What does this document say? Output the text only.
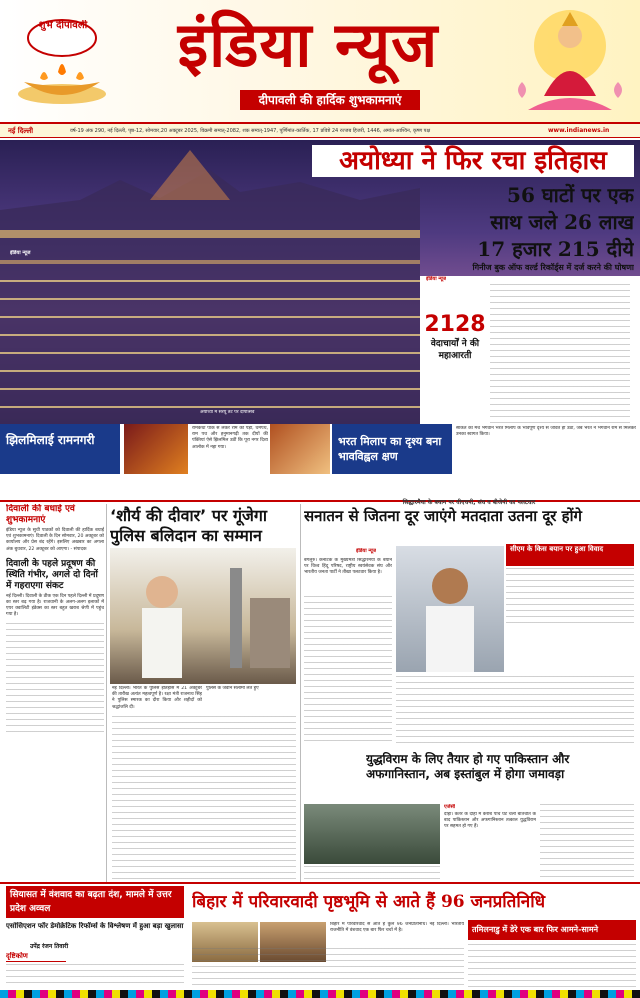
शुभ दीपावली	इंडिया न्यूज
दीपावली की हार्दिक शुभकामनाएं
नई दिल्ली	वर्ष-19 अंक 290, नई दिल्ली, पृष्ठ-12, सोमवार,20 अक्टूबर 2025, विक्रमी सम्वत्-2082, शक सम्वत्-1947, पूर्णिमांत-कार्तिक, 17 प्रविष्टे 24 रज्जब हिजरी, 1446, अमांत-आश्विन, कृष्ण पक्ष	www.indianews.in
इंडिया न्यूज
अयोध्या ने फिर रचा इतिहास
56 घाटों पर एक
साथ जले 26 लाख
17 हजार 215 दीये
गिनीज बुक ऑफ वर्ल्ड रिकॉर्ड्स में दर्ज करने की घोषणा
इंडिया न्यूज
2128
वेदाचार्यों ने की महाआरती
अयोध्या में सरयू तट पर दीपोत्सव
झिलमिलाई रामनगरी
रामकथा पार्क से लेकर राम की पैड़ी, धर्मपथ, राम पथ और हनुमानगढ़ी तक दीयों की पंक्तियां ऐसे झिलमिल उठीं कि पूरा नगर दिव्य आलोक में नहा गया।	भरत मिलाप का दृश्य बना भावविह्वल क्षण
साकेत का मंच भगवान भरत मिलाप के भावपूर्ण दृश्य से जीवंत हो उठा, जब भरत ने भगवान राम से मिलकर उनका स्वागत किया।
दिवाली की बधाई एवं शुभकामनाएं
इंडिया न्यूज के सुधी पाठकों को दिवाली की हार्दिक बधाई एवं शुभकामनाएं। दिवाली के दिन सोमवार, 20 अक्टूबर को कार्यालय और प्रेस बंद रहेंगे। इसलिए अखबार का अगला अंक बुधवार, 22 अक्टूबर को आएगा। - संपादक
दिवाली के पहले प्रदूषण की स्थिति गंभीर, अगले दो दिनों में गहराएगा संकट
नई दिल्ली। दिवाली के ठीक एक दिन पहले दिल्ली में प्रदूषण का स्तर बढ़ गया है। राजधानी के अलग-अलग इलाकों में एयर क्वालिटी इंडेक्स का स्तर बहुत खराब श्रेणी में पहुंच गया है।
‘शौर्य की दीवार’ पर गूंजेगा पुलिस बलिदान का सम्मान
नई दिल्ली। भारत के पुलिस इतिहास में 21 अक्टूबर की तारीख अत्यंत महत्वपूर्ण है। रक्षा मंत्री राजनाथ सिंह ने पुलिस स्मारक का दौरा किया और शहीदों को श्रद्धांजलि दी।
पुलिस के जवान सलामी लेते हुए
सिद्धारमैया के बयान पर वीएचपी, संघ व बीजेपी का पलटवार
सनातन से जितना दूर जाएंगे मतदाता उतना दूर होंगे
इंडिया न्यूज
बेंगलुरु। कर्नाटक के मुख्यमंत्री सिद्धारमैया के बयान पर विश्व हिंदू परिषद, राष्ट्रीय स्वयंसेवक संघ और भारतीय जनता पार्टी ने तीखा पलटवार किया है।
सीएम के किस बयान पर हुआ विवाद
युद्धविराम के लिए तैयार हो गए पाकिस्तान और अफगानिस्तान, अब इस्तांबुल में होगा जमावड़ा
एजेंसी
दोहा। कतर के दोहा में करीब पांच घंटे चली बातचीत के बाद पाकिस्तान और अफगानिस्तान तत्काल युद्धविराम पर सहमत हो गए हैं।
सियासत में वंशवाद का बढ़ता दंश, मामले में उत्तर प्रदेश अव्वल	बिहार में परिवारवादी पृष्ठभूमि से आते हैं 96 जनप्रतिनिधि
एसोसिएशन फॉर डेमोक्रेटिक रिफॉर्म्स के विश्लेषण में हुआ बड़ा खुलासा
उपेंद्र रंजन तिवारी
दृष्टिकोण
बिहार में परिवारवाद से आते हैं कुल 96 जनप्रतिनिधि। नई दिल्ली। भारतीय राजनीति में वंशवाद एक बार फिर चर्चा में है।	तमिलनाडु में डेरे एक बार फिर आमने-सामने
